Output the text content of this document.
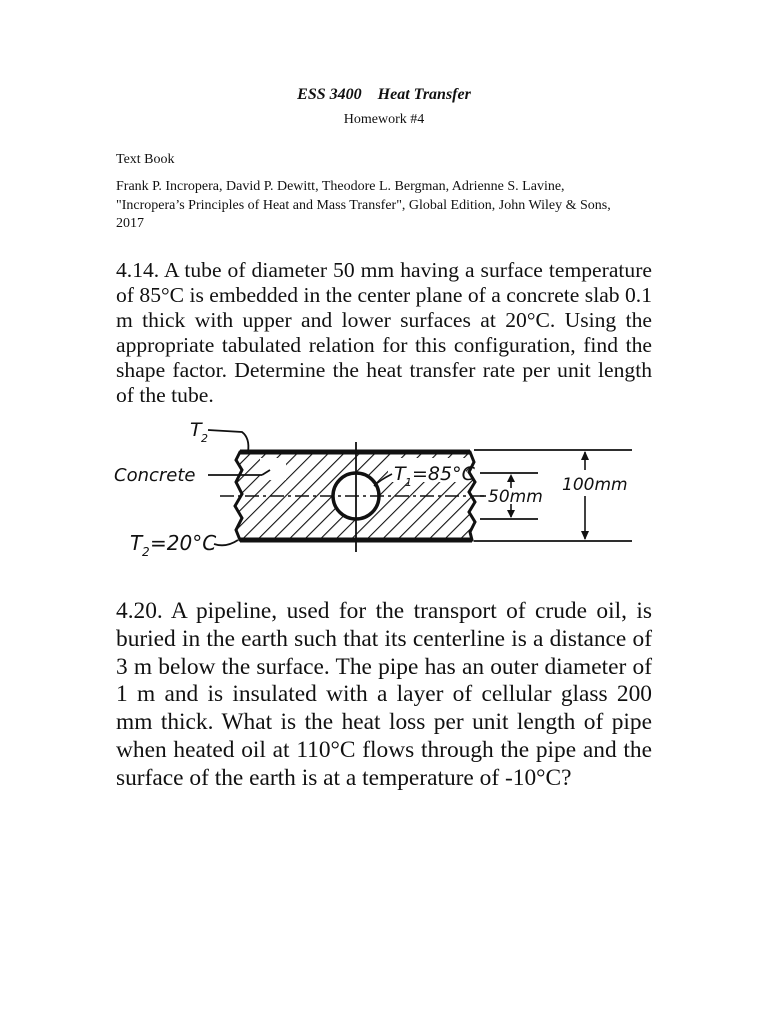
ESS 3400    Heat Transfer
Homework #4
Text Book
Frank P. Incropera, David P. Dewitt, Theodore L. Bergman, Adrienne S. Lavine, "Incropera’s Principles of Heat and Mass Transfer", Global Edition, John Wiley & Sons, 2017
4.14. A tube of diameter 50 mm having a surface temperature of 85°C is embedded in the center plane of a concrete slab 0.1 m thick with upper and lower surfaces at 20°C. Using the appropriate tabulated relation for this configuration, find the shape factor. Determine the heat transfer rate per unit length of the tube.
T 2
Concrete	T 1 =85°C
T 2 =20°C
50mm
100mm
4.20. A pipeline, used for the transport of crude oil, is buried in the earth such that its centerline is a distance of 3 m below the surface. The pipe has an outer diameter of 1 m and is insulated with a layer of cellular glass 200 mm thick. What is the heat loss per unit length of pipe when heated oil at 110°C flows through the pipe and the surface of the earth is at a temperature of -10°C?
